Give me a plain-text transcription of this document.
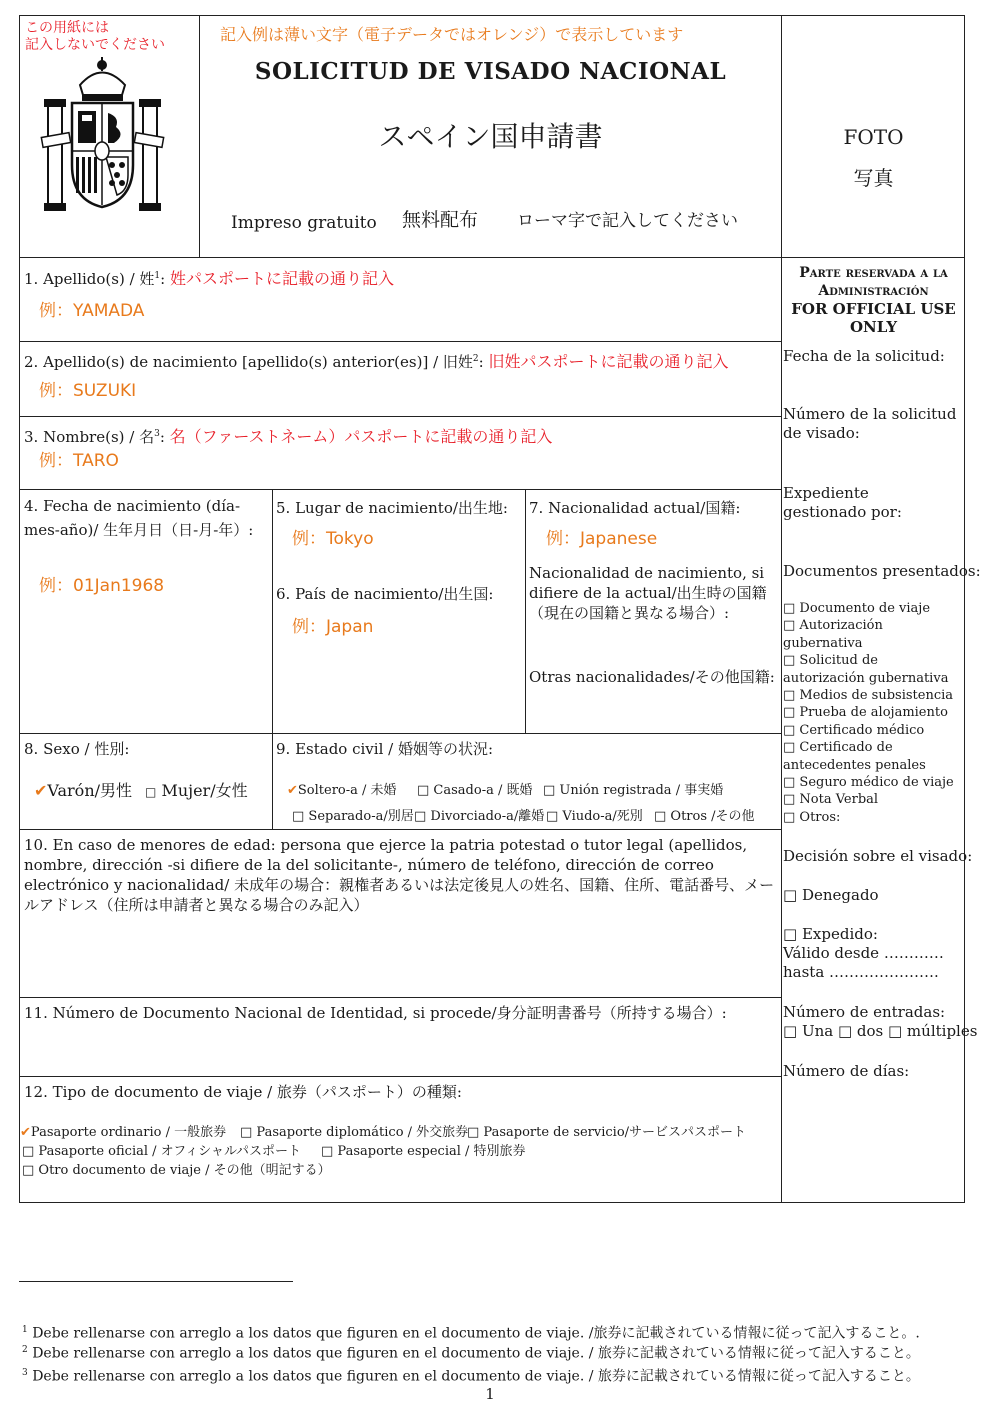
この用紙には
記入しないでください
記入例は薄い文字（電子データではオレンジ）で表示しています
SOLICITUD DE VISADO NACIONAL
スペイン国申請書
Impreso gratuito 無料配布 ローマ字で記入してください
FOTO
写真
1. Apellido(s) / 姓$^1$: 姓パスポートに記載の通り記入
例：YAMADA
2. Apellido(s) de nacimiento [apellido(s) anterior(es)] / 旧姓$^2$: 旧姓パスポートに記載の通り記入
例：SUZUKI
3. Nombre(s) / 名$^3$: 名（ファーストネーム）パスポートに記載の通り記入
例：TARO
4. Fecha de nacimiento (día-mes-año)/ 生年月日（日-月-年）:
例：01Jan1968
5. Lugar de nacimiento/出生地:
例：Tokyo
6. País de nacimiento/出生国:
例：Japan
7. Nacionalidad actual/国籍:
例：Japanese
Nacionalidad de nacimiento, si difiere de la actual/出生時の国籍（現在の国籍と異なる場合）:
Otras nacionalidades/その他国籍:
8. Sexo / 性別:
✔Varón/男性 □ Mujer/女性
9. Estado civil / 婚姻等の状況:
✔Soltero-a / 未婚 □ Casado-a / 既婚 □ Unión registrada / 事実婚
□ Separado-a/別居 □ Divorciado-a/離婚 □ Viudo-a/死別 □ Otros /その他
10. En caso de menores de edad: persona que ejerce la patria potestad o tutor legal (apellidos, nombre, dirección -si difiere de la del solicitante-, número de teléfono, dirección de correo electrónico y nacionalidad/ 未成年の場合：親権者あるいは法定後見人の姓名、国籍、住所、電話番号、メールアドレス（住所は申請者と異なる場合のみ記入）
11. Número de Documento Nacional de Identidad, si procede/身分証明書番号（所持する場合）:
12. Tipo de documento de viaje / 旅券（パスポート）の種類:
✔Pasaporte ordinario / 一般旅券 □ Pasaporte diplomático / 外交旅券
□ Pasaporte de servicio/サービスパスポート
□ Pasaporte oficial / オフィシャルパスポート □ Pasaporte especial / 特別旅券
□ Otro documento de viaje / その他（明記する）
Parte reservada a la
Administración
FOR OFFICIAL USE ONLY
Fecha de la solicitud:
Número de la solicitud de visado:
Expediente gestionado por:
Documentos presentados:
□ Documento de viaje
□ Autorización gubernativa
□ Solicitud de autorización gubernativa
□ Medios de subsistencia
□ Prueba de alojamiento
□ Certificado médico
□ Certificado de antecedentes penales
□ Seguro médico de viaje
□ Nota Verbal
□ Otros:
Decisión sobre el visado:
□ Denegado
□ Expedido:
Válido desde …………
hasta ………………….
Número de entradas:
□ Una □ dos □ múltiples
Número de días:
$^1$ Debe rellenarse con arreglo a los datos que figuren en el documento de viaje. /旅券に記載されている情報に従って記入すること。.
$^2$ Debe rellenarse con arreglo a los datos que figuren en el documento de viaje. / 旅券に記載されている情報に従って記入すること。
$^3$ Debe rellenarse con arreglo a los datos que figuren en el documento de viaje. / 旅券に記載されている情報に従って記入すること。
1
